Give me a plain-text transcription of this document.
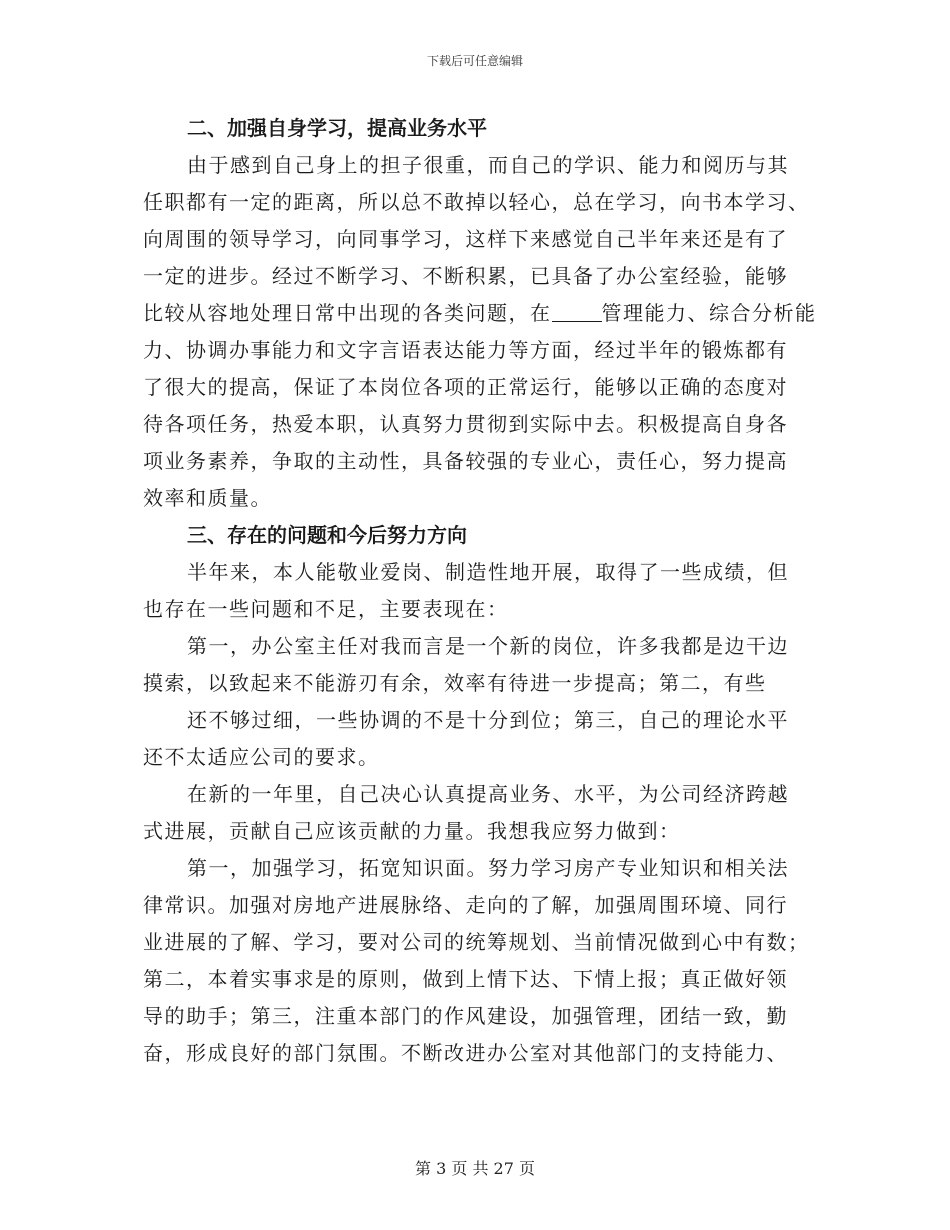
下载后可任意编辑
二、加强自身学习，提高业务水平
由于感到自己身上的担子很重，而自己的学识、能力和阅历与其
任职都有一定的距离，所以总不敢掉以轻心，总在学习，向书本学习、
向周围的领导学习，向同事学习，这样下来感觉自己半年来还是有了
一定的进步。经过不断学习、不断积累，已具备了办公室经验，能够
比较从容地处理日常中出现的各类问题，在	管理能力、综合分析能
力、协调办事能力和文字言语表达能力等方面，经过半年的锻炼都有
了很大的提高，保证了本岗位各项的正常运行，能够以正确的态度对
待各项任务，热爱本职，认真努力贯彻到实际中去。积极提高自身各
项业务素养，争取的主动性，具备较强的专业心，责任心，努力提高
效率和质量。
三、存在的问题和今后努力方向
半年来，本人能敬业爱岗、制造性地开展，取得了一些成绩，但
也存在一些问题和不足，主要表现在：
第一，办公室主任对我而言是一个新的岗位，许多我都是边干边
摸索，以致起来不能游刃有余，效率有待进一步提高；第二，有些
还不够过细，一些协调的不是十分到位；第三，自己的理论水平
还不太适应公司的要求。
在新的一年里，自己决心认真提高业务、水平，为公司经济跨越
式进展，贡献自己应该贡献的力量。我想我应努力做到：
第一，加强学习，拓宽知识面。努力学习房产专业知识和相关法
律常识。加强对房地产进展脉络、走向的了解，加强周围环境、同行
业进展的了解、学习，要对公司的统筹规划、当前情况做到心中有数；
第二，本着实事求是的原则，做到上情下达、下情上报；真正做好领
导的助手；第三，注重本部门的作风建设，加强管理，团结一致，勤
奋，形成良好的部门氛围。不断改进办公室对其他部门的支持能力、
第 3 页 共 27 页
